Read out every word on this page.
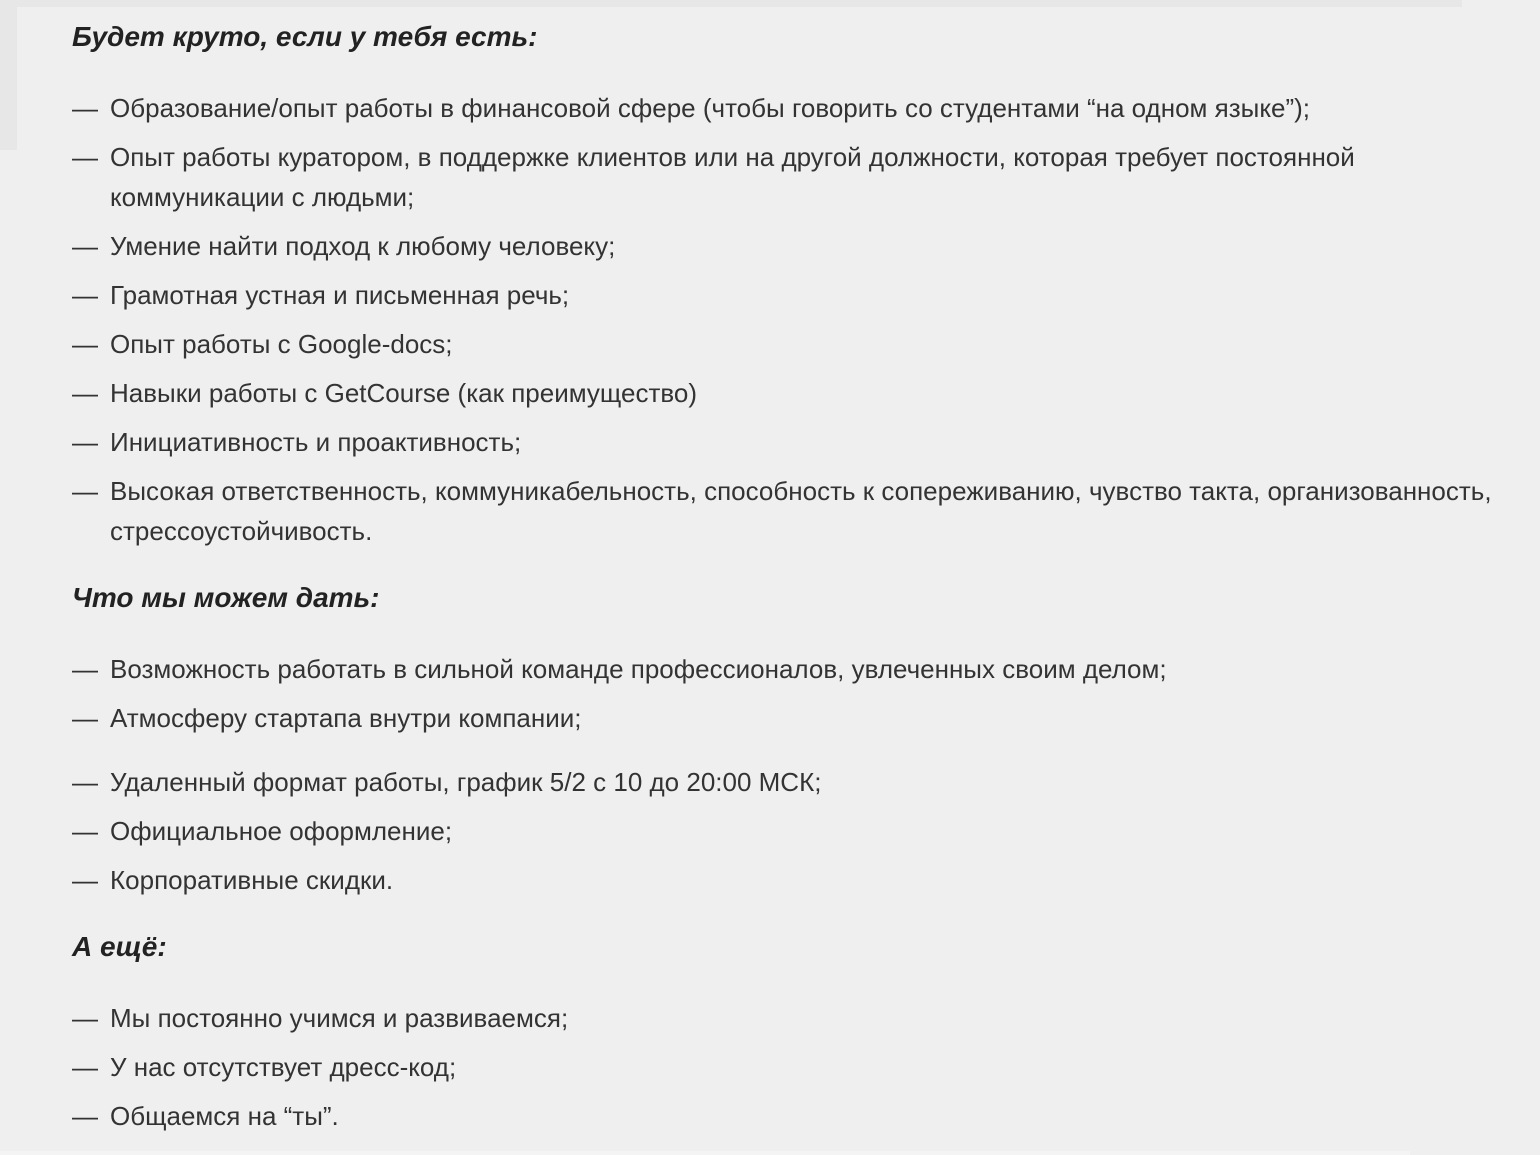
Будет круто, если у тебя есть:

— Образование/опыт работы в финансовой сфере (чтобы говорить со студентами “на одном языке”);

— Опыт работы куратором, в поддержке клиентов или на другой должности, которая требует постоянной коммуникации с людьми;

— Умение найти подход к любому человеку;

— Грамотная устная и письменная речь;

— Опыт работы с Google-docs;

— Навыки работы с GetCourse (как преимущество)

— Инициативность и проактивность;

— Высокая ответственность, коммуникабельность, способность к сопереживанию, чувство такта, организованность, стрессоустойчивость.

Что мы можем дать:

— Возможность работать в сильной команде профессионалов, увлеченных своим делом;

— Атмосферу стартапа внутри компании;

— Удаленный формат работы, график 5/2 с 10 до 20:00 МСК;

— Официальное оформление;

— Корпоративные скидки.

А ещё:

— Мы постоянно учимся и развиваемся;

— У нас отсутствует дресс-код;

— Общаемся на “ты”.
